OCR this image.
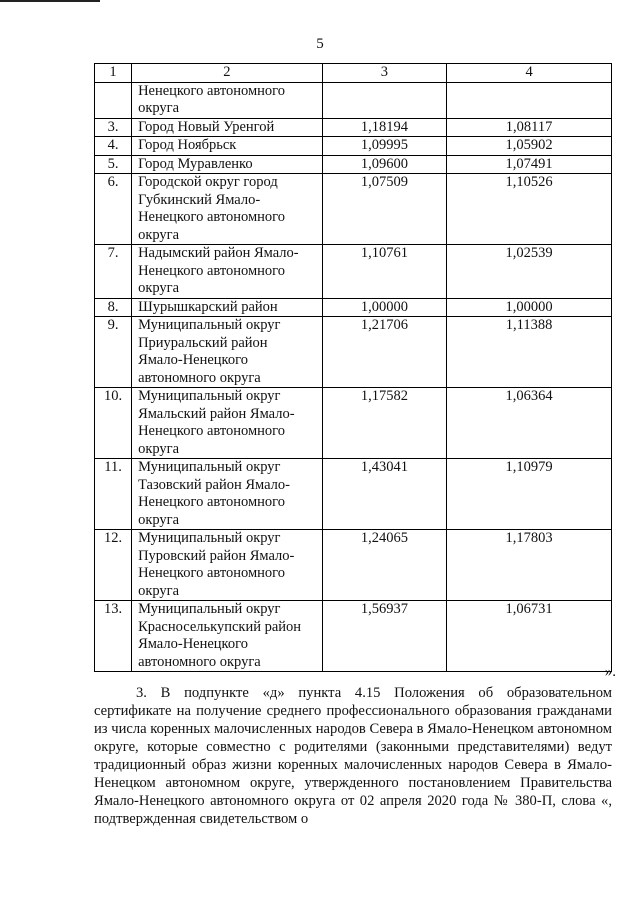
5
1	2	3	4
	Ненецкого автономного округа		
3.	Город Новый Уренгой	1,18194	1,08117
4.	Город Ноябрьск	1,09995	1,05902
5.	Город Муравленко	1,09600	1,07491
6.	Городской округ город Губкинский Ямало-Ненецкого автономного округа	1,07509	1,10526
7.	Надымский район Ямало-Ненецкого автономного округа	1,10761	1,02539
8.	Шурышкарский район	1,00000	1,00000
9.	Муниципальный округ Приуральский район Ямало-Ненецкого автономного округа	1,21706	1,11388
10.	Муниципальный округ Ямальский район Ямало-Ненецкого автономного округа	1,17582	1,06364
11.	Муниципальный округ Тазовский район Ямало-Ненецкого автономного округа	1,43041	1,10979
12.	Муниципальный округ Пуровский район Ямало-Ненецкого автономного округа	1,24065	1,17803
13.	Муниципальный округ Красноселькупский район Ямало-Ненецкого автономного округа	1,56937	1,06731
».

3. В подпункте «д» пункта 4.15 Положения об образовательном сертификате на получение среднего профессионального образования гражданами из числа коренных малочисленных народов Севера в Ямало-Ненецком автономном округе, которые совместно с родителями (законными представителями) ведут традиционный образ жизни коренных малочисленных народов Севера в Ямало-Ненецком автономном округе, утвержденного постановлением Правительства Ямало-Ненецкого автономного округа от 02 апреля 2020 года № 380-П, слова «, подтвержденная свидетельством о
